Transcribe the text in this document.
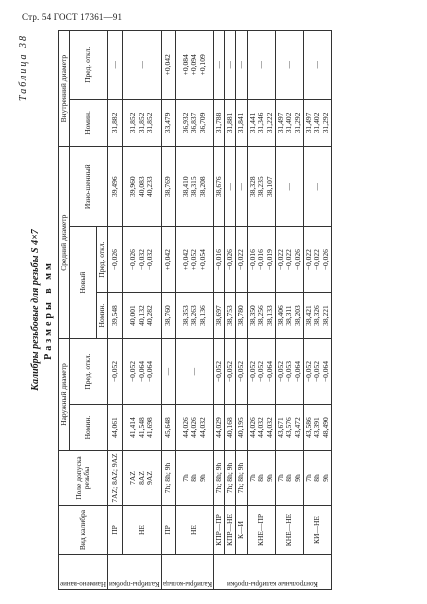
Стр. 54 ГОСТ 17361—91
Таблица 38
Калибры резьбовые для резьбы S 4×7 Размеры в мм
Наимено-вание	Вид калибра	Поле допуска резьбы	Наружный диаметр		Средний диаметр			Внутренний диаметр	
			Номин.	Пред. откл.	Новый		Изно-шенный	Номин.	Пред. откл.
					Номин.	Пред. откл.			

Калибры-пробки	ПР	7AZ; 8AZ; 9AZ	44,061	−0,052	39,548	−0,026	39,496	31,882	—

	НЕ	7AZ 8AZ 9AZ	41,414 41,548 41,698	−0,052 −0,064 −0,064	40,001 40,132 40,282	−0,026 −0,032 −0,032	39,960 40,083 40,233	31,852 31,852 31,852	—

Калибры-кольца	ПР	7h; 8h; 9h	45,648	—	38,760	+0,042	38,769	33,479	+0,042

	НЕ	7h 8h 9h	44,026 44,026 44,032	—	38,353 38,263 38,136	+0,042 +0,052 +0,054	38,410 38,315 38,208	36,932 36,837 36,709	+0,084 +0,094 +0,109

Контрольные калибры-пробки	КПР—ПР	7h; 8h; 9h	44,029	−0,052	38,697	−0,016	38,676	31,788	—

	КПР—НЕ	7h; 8h; 9h	40,168	−0,052	38,753	−0,026	—	31,881	—

	К—И	7h; 8h; 9h	40,195	−0,052	38,780	−0,022	—	31,841	—

	КНЕ—ПР	7h 8h 9h	44,026 44,032 44,032	−0,052 −0,052 −0,064	38,350 38,256 38,133	−0,016 −0,016 −0,019	38,328 38,235 38,107	31,441 31,346 31,222	—

	КНЕ—НЕ	7h 8h 9h	43,671 43,576 43,472	−0,052 −0,053 −0,064	38,406 38,311 38,203	−0,022 −0,022 −0,026	—	31,497 31,402 31,292	—

	КИ—НЕ	7h 8h 9h	43,586 43,391 48,490	−0,052 −0,052 −0,064	38,421 38,326 38,221	−0,022 −0,022 −0,026	—	31,497 31,402 31,292	—
